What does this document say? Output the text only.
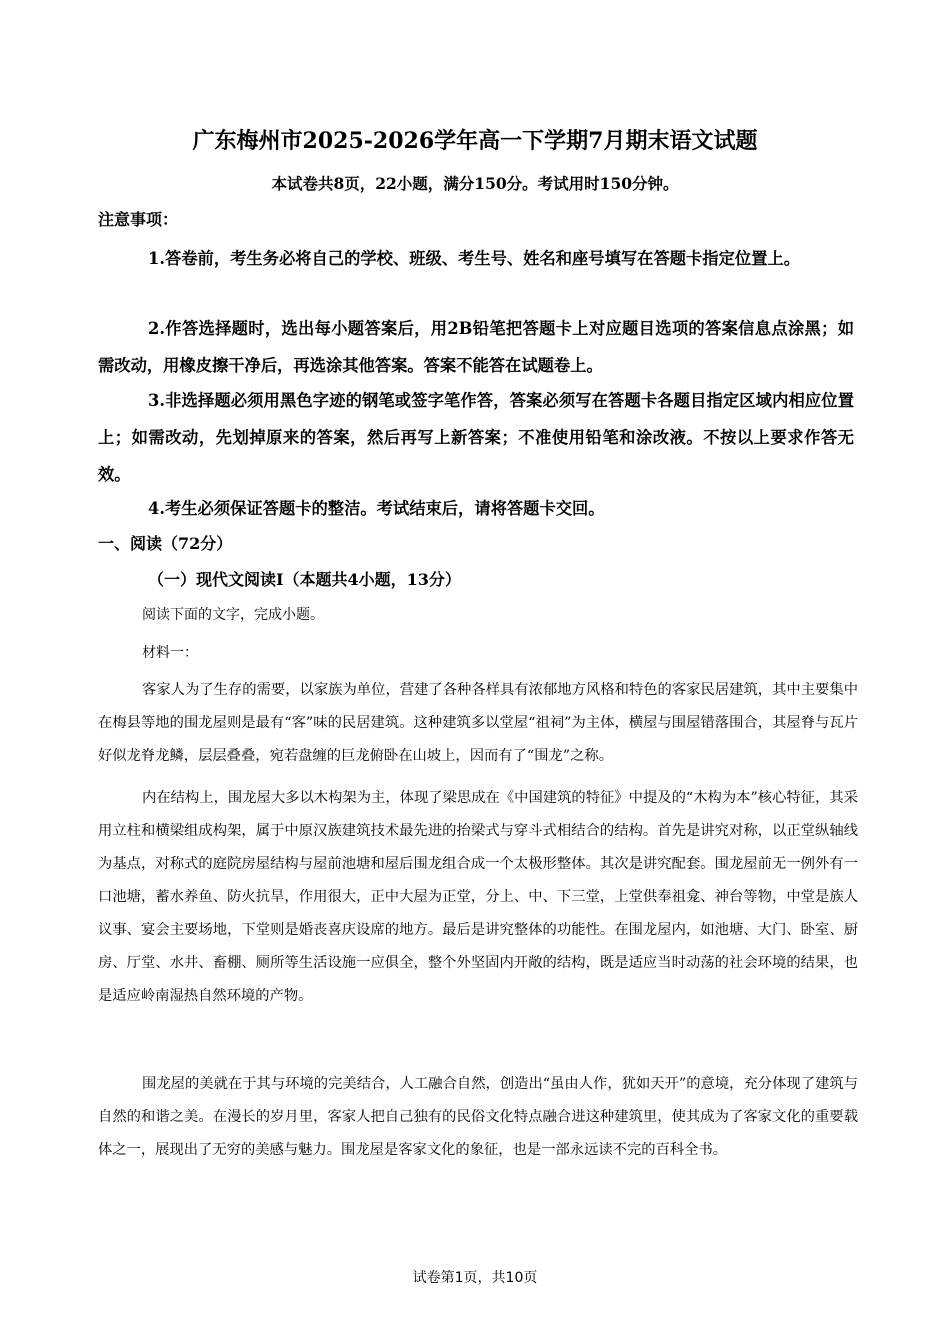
广东梅州市2025-2026学年高一下学期7月期末语文试题
本试卷共8页，22小题，满分150分。考试用时150分钟。
注意事项：
1.答卷前，考生务必将自己的学校、班级、考生号、姓名和座号填写在答题卡指定位置上。
2.作答选择题时，选出每小题答案后，用2B铅笔把答题卡上对应题目选项的答案信息点涂黑；如需改动，用橡皮擦干净后，再选涂其他答案。答案不能答在试题卷上。
3.非选择题必须用黑色字迹的钢笔或签字笔作答，答案必须写在答题卡各题目指定区域内相应位置上；如需改动，先划掉原来的答案，然后再写上新答案；不准使用铅笔和涂改液。不按以上要求作答无效。
4.考生必须保证答题卡的整洁。考试结束后，请将答题卡交回。
一、阅读（72分）
（一）现代文阅读I（本题共4小题，13分）
阅读下面的文字，完成小题。
材料一：
客家人为了生存的需要，以家族为单位，营建了各种各样具有浓郁地方风格和特色的客家民居建筑，其中主要集中在梅县等地的围龙屋则是最有“客”味的民居建筑。这种建筑多以堂屋“祖祠”为主体，横屋与围屋错落围合，其屋脊与瓦片好似龙脊龙鳞，层层叠叠，宛若盘缠的巨龙俯卧在山坡上，因而有了“围龙”之称。
内在结构上，围龙屋大多以木构架为主，体现了梁思成在《中国建筑的特征》中提及的“木构为本”核心特征，其采用立柱和横梁组成构架，属于中原汉族建筑技术最先进的抬梁式与穿斗式相结合的结构。首先是讲究对称，以正堂纵轴线为基点，对称式的庭院房屋结构与屋前池塘和屋后围龙组合成一个太极形整体。其次是讲究配套。围龙屋前无一例外有一口池塘，蓄水养鱼、防火抗旱，作用很大，正中大屋为正堂，分上、中、下三堂，上堂供奉祖龛、神台等物，中堂是族人议事、宴会主要场地，下堂则是婚丧喜庆设席的地方。最后是讲究整体的功能性。在围龙屋内，如池塘、大门、卧室、厨房、厅堂、水井、畜棚、厕所等生活设施一应俱全，整个外坚固内开敞的结构，既是适应当时动荡的社会环境的结果，也是适应岭南湿热自然环境的产物。
围龙屋的美就在于其与环境的完美结合，人工融合自然，创造出“虽由人作，犹如天开”的意境，充分体现了建筑与自然的和谐之美。在漫长的岁月里，客家人把自己独有的民俗文化特点融合进这种建筑里，使其成为了客家文化的重要载体之一，展现出了无穷的美感与魅力。围龙屋是客家文化的象征，也是一部永远读不完的百科全书。
试卷第1页，共10页
